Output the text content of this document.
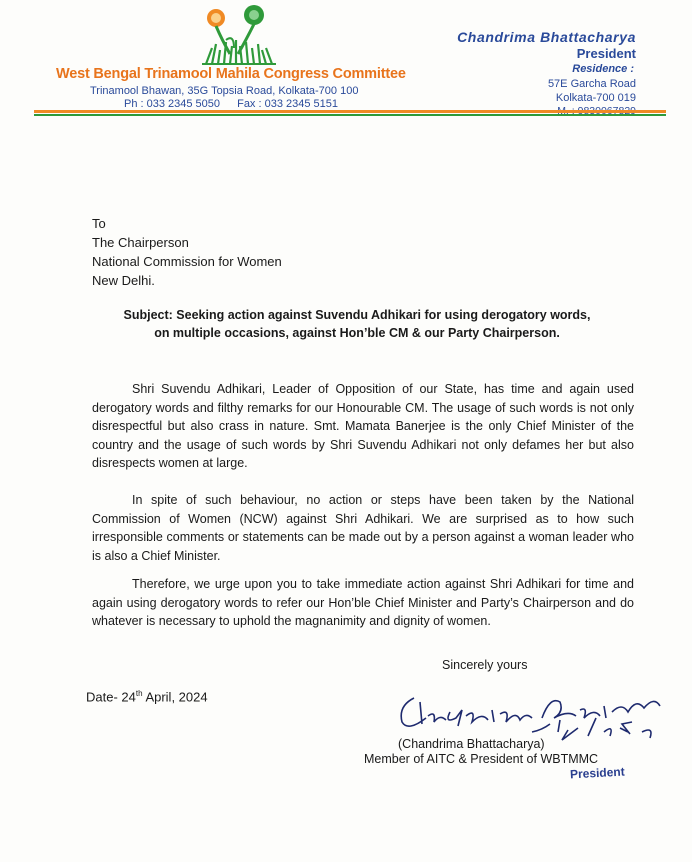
West Bengal Trinamool Mahila Congress Committee
Trinamool Bhawan, 35G Topsia Road, Kolkata-700 100
Ph : 033 2345 5050 Fax : 033 2345 5151
Chandrima Bhattacharya
President
Residence :
57E Garcha Road
Kolkata-700 019
To
The Chairperson
National Commission for Women
New Delhi.
Subject: Seeking action against Suvendu Adhikari for using derogatory words,
on multiple occasions, against Hon’ble CM & our Party Chairperson.
Shri Suvendu Adhikari, Leader of Opposition of our State, has time and again used derogatory words and filthy remarks for our Honourable CM. The usage of such words is not only disrespectful but also crass in nature. Smt. Mamata Banerjee is the only Chief Minister of the country and the usage of such words by Shri Suvendu Adhikari not only defames her but also disrespects women at large.
In spite of such behaviour, no action or steps have been taken by the National Commission of Women (NCW) against Shri Adhikari. We are surprised as to how such irresponsible comments or statements can be made out by a person against a woman leader who is also a Chief Minister.
Therefore, we urge upon you to take immediate action against Shri Adhikari for time and again using derogatory words to refer our Hon’ble Chief Minister and Party’s Chairperson and do whatever is necessary to uphold the magnanimity and dignity of women.
Sincerely yours
Date- 24th April, 2024
(Chandrima Bhattacharya)
Member of AITC & President of WBTMMC
President
